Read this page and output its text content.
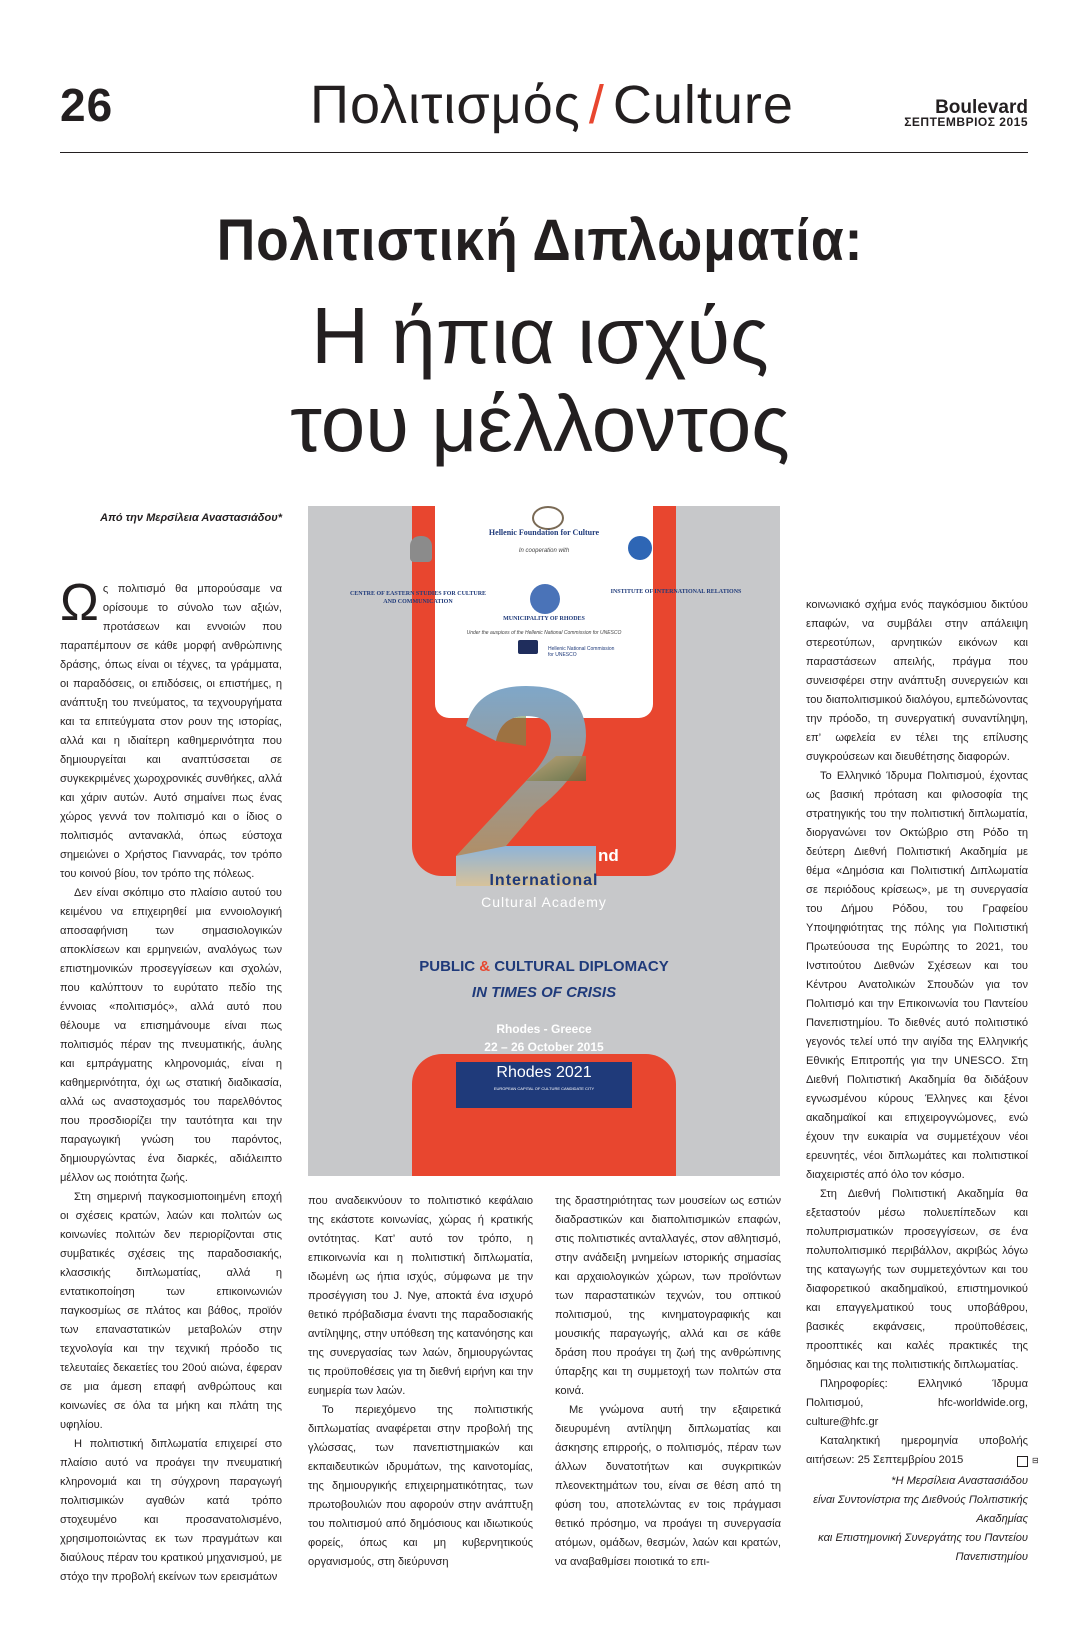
26	Πολιτισμός / Culture	Boulevard
ΣΕΠΤΕΜΒΡΙΟΣ 2015
Πολιτιστική Διπλωματία:
Η ήπια ισχύς
του μέλλοντος
Από την Μερσίλεια Αναστασιάδου*

Ως πολιτισμό θα μπορούσαμε να ορίσουμε το σύνολο των αξιών, προτάσεων και εννοιών που παραπέμπουν σε κάθε μορφή ανθρώπινης δράσης, όπως είναι οι τέχνες, τα γράμματα, οι παραδόσεις, οι επιδόσεις, οι επιστήμες, η ανάπτυξη του πνεύματος, τα τεχνουργήματα και τα επιτεύγματα στον ρουν της ιστορίας, αλλά και η ιδιαίτερη καθημερινότητα που δημιουργείται και αναπτύσσεται σε συγκεκριμένες χωροχρονικές συνθήκες, αλλά και χάριν αυτών. Αυτό σημαίνει πως ένας χώρος γεννά τον πολιτισμό και ο ίδιος ο πολιτισμός αντανακλά, όπως εύστοχα σημειώνει ο Χρήστος Γιανναράς, τον τρόπο του κοινού βίου, τον τρόπο της πόλεως.

Δεν είναι σκόπιμο στο πλαίσιο αυτού του κειμένου να επιχειρηθεί μια εννοιολογική αποσαφήνιση των σημασιολογικών αποκλίσεων και ερμηνειών, αναλόγως των επιστημονικών προσεγγίσεων και σχολών, που καλύπτουν το ευρύτατο πεδίο της έννοιας «πολιτισμός», αλλά αυτό που θέλουμε να επισημάνουμε είναι πως πολιτισμός πέραν της πνευματικής, άυλης και εμπράγματης κληρονομιάς, είναι η καθημερινότητα, όχι ως στατική διαδικασία, αλλά ως αναστοχασμός του παρελθόντος που προσδιορίζει την ταυτότητα και την παραγωγική γνώση του παρόντος, δημιουργώντας ένα διαρκές, αδιάλειπτο μέλλον ως ποιότητα ζωής.

Στη σημερινή παγκοσμιοποιημένη εποχή οι σχέσεις κρατών, λαών και πολιτών ως κοινωνίες πολιτών δεν περιορίζονται στις συμβατικές σχέσεις της παραδοσιακής, κλασσικής διπλωματίας, αλλά η εντατικοποίηση των επικοινωνιών παγκοσμίως σε πλάτος και βάθος, προϊόν των επαναστατικών μεταβολών στην τεχνολογία και την τεχνική πρόοδο τις τελευταίες δεκαετίες του 20ού αιώνα, έφεραν σε μια άμεση επαφή ανθρώπους και κοινωνίες σε όλα τα μήκη και πλάτη της υφηλίου.

Η πολιτιστική διπλωματία επιχειρεί στο πλαίσιο αυτό να προάγει την πνευματική κληρονομιά και τη σύγχρονη παραγωγή πολιτισμικών αγαθών κατά τρόπο στοχευμένο και προσανατολισμένο, χρησιμοποιώντας εκ των πραγμάτων και διαύλους πέραν του κρατικού μηχανισμού, με στόχο την προβολή εκείνων των ερεισμάτων

Hellenic Foundation for Culture
In cooperation with
CENTRE OF EASTERN STUDIES FOR CULTURE AND COMMUNICATION
INSTITUTE OF INTERNATIONAL RELATIONS
MUNICIPALITY OF RHODES
Under the auspices of the Hellenic National Commission for UNESCO
Hellenic National Commission for UNESCO
nd
International
Cultural Academy
PUBLIC & CULTURAL DIPLOMACY
IN TIMES OF CRISIS
Rhodes - Greece
22 – 26 October 2015
Rhodes 2021
EUROPEAN CAPITAL OF CULTURE CANDIDATE CITY

που αναδεικνύουν το πολιτιστικό κεφάλαιο της εκάστοτε κοινωνίας, χώρας ή κρατικής οντότητας. Κατ’ αυτό τον τρόπο, η επικοινωνία και η πολιτιστική διπλωματία, ιδωμένη ως ήπια ισχύς, σύμφωνα με την προσέγγιση του J. Nye, αποκτά ένα ισχυρό θετικό πρόβαδισμα έναντι της παραδοσιακής αντίληψης, στην υπόθεση της κατανόησης και της συνεργασίας των λαών, δημιουργώντας τις προϋποθέσεις για τη διεθνή ειρήνη και την ευημερία των λαών.

Το περιεχόμενο της πολιτιστικής διπλωματίας αναφέρεται στην προβολή της γλώσσας, των πανεπιστημιακών και εκπαιδευτικών ιδρυμάτων, της καινοτομίας, της δημιουργικής επιχειρηματικότητας, των πρωτοβουλιών που αφορούν στην ανάπτυξη του πολιτισμού από δημόσιους και ιδιωτικούς φορείς, όπως και μη κυβερνητικούς οργανισμούς, στη διεύρυνση

της δραστηριότητας των μουσείων ως εστιών διαδραστικών και διαπολιτισμικών επαφών, στις πολιτιστικές ανταλλαγές, στον αθλητισμό, στην ανάδειξη μνημείων ιστορικής σημασίας και αρχαιολογικών χώρων, των προϊόντων των παραστατικών τεχνών, του οπτικού πολιτισμού, της κινηματογραφικής και μουσικής παραγωγής, αλλά και σε κάθε δράση που προάγει τη ζωή της ανθρώπινης ύπαρξης και τη συμμετοχή των πολιτών στα κοινά.

Με γνώμονα αυτή την εξαιρετικά διευρυμένη αντίληψη διπλωματίας και άσκησης επιρροής, ο πολιτισμός, πέραν των άλλων δυνατοτήτων και συγκριτικών πλεονεκτημάτων του, είναι σε θέση από τη φύση του, αποτελώντας εν τοις πράγμασι θετικό πρόσημο, να προάγει τη συνεργασία ατόμων, ομάδων, θεσμών, λαών και κρατών, να αναβαθμίσει ποιοτικά το επι-

κοινωνιακό σχήμα ενός παγκόσμιου δικτύου επαφών, να συμβάλει στην απάλειψη στερεοτύπων, αρνητικών εικόνων και παραστάσεων απειλής, πράγμα που συνεισφέρει στην ανάπτυξη συνεργειών και του διαπολιτισμικού διαλόγου, εμπεδώνοντας την πρόοδο, τη συνεργατική συναντίληψη, επ’ ωφελεία εν τέλει της επίλυσης συγκρούσεων και διευθέτησης διαφορών.

Το Ελληνικό Ίδρυμα Πολιτισμού, έχοντας ως βασική πρόταση και φιλοσοφία της στρατηγικής του την πολιτιστική διπλωματία, διοργανώνει τον Οκτώβριο στη Ρόδο τη δεύτερη Διεθνή Πολιτιστική Ακαδημία με θέμα «Δημόσια και Πολιτιστική Διπλωματία σε περιόδους κρίσεως», με τη συνεργασία του Δήμου Ρόδου, του Γραφείου Υποψηφιότητας της πόλης για Πολιτιστική Πρωτεύουσα της Ευρώπης το 2021, του Ινστιτούτου Διεθνών Σχέσεων και του Κέντρου Ανατολικών Σπουδών για τον Πολιτισμό και την Επικοινωνία του Παντείου Πανεπιστημίου. Το διεθνές αυτό πολιτιστικό γεγονός τελεί υπό την αιγίδα της Ελληνικής Εθνικής Επιτροπής για την UNESCO. Στη Διεθνή Πολιτιστική Ακαδημία θα διδάξουν εγνωσμένου κύρους Έλληνες και ξένοι ακαδημαϊκοί και επιχειρογνώμονες, ενώ έχουν την ευκαιρία να συμμετέχουν νέοι ερευνητές, νέοι διπλωμάτες και πολιτιστικοί διαχειριστές από όλο τον κόσμο.

Στη Διεθνή Πολιτιστική Ακαδημία θα εξεταστούν μέσω πολυεπίπεδων και πολυπρισματικών προσεγγίσεων, σε ένα πολυπολιτισμικό περιβάλλον, ακριβώς λόγω της καταγωγής των συμμετεχόντων και του διαφορετικού ακαδημαϊκού, επιστημονικού και επαγγελματικού τους υποβάθρου, βασικές εκφάνσεις, προϋποθέσεις, προοπτικές και καλές πρακτικές της δημόσιας και της πολιτιστικής διπλωματίας.

Πληροφορίες: Ελληνικό Ίδρυμα Πολιτισμού, hfc-worldwide.org, culture@hfc.gr

Καταληκτική ημερομηνία υποβολής αιτήσεων: 25 Σεπτεμβρίου 2015	⊟

*Η Μερσίλεια Αναστασιάδου
είναι Συντονίστρια της Διεθνούς Πολιτιστικής Ακαδημίας
και Επιστημονική Συνεργάτης του Παντείου Πανεπιστημίου
